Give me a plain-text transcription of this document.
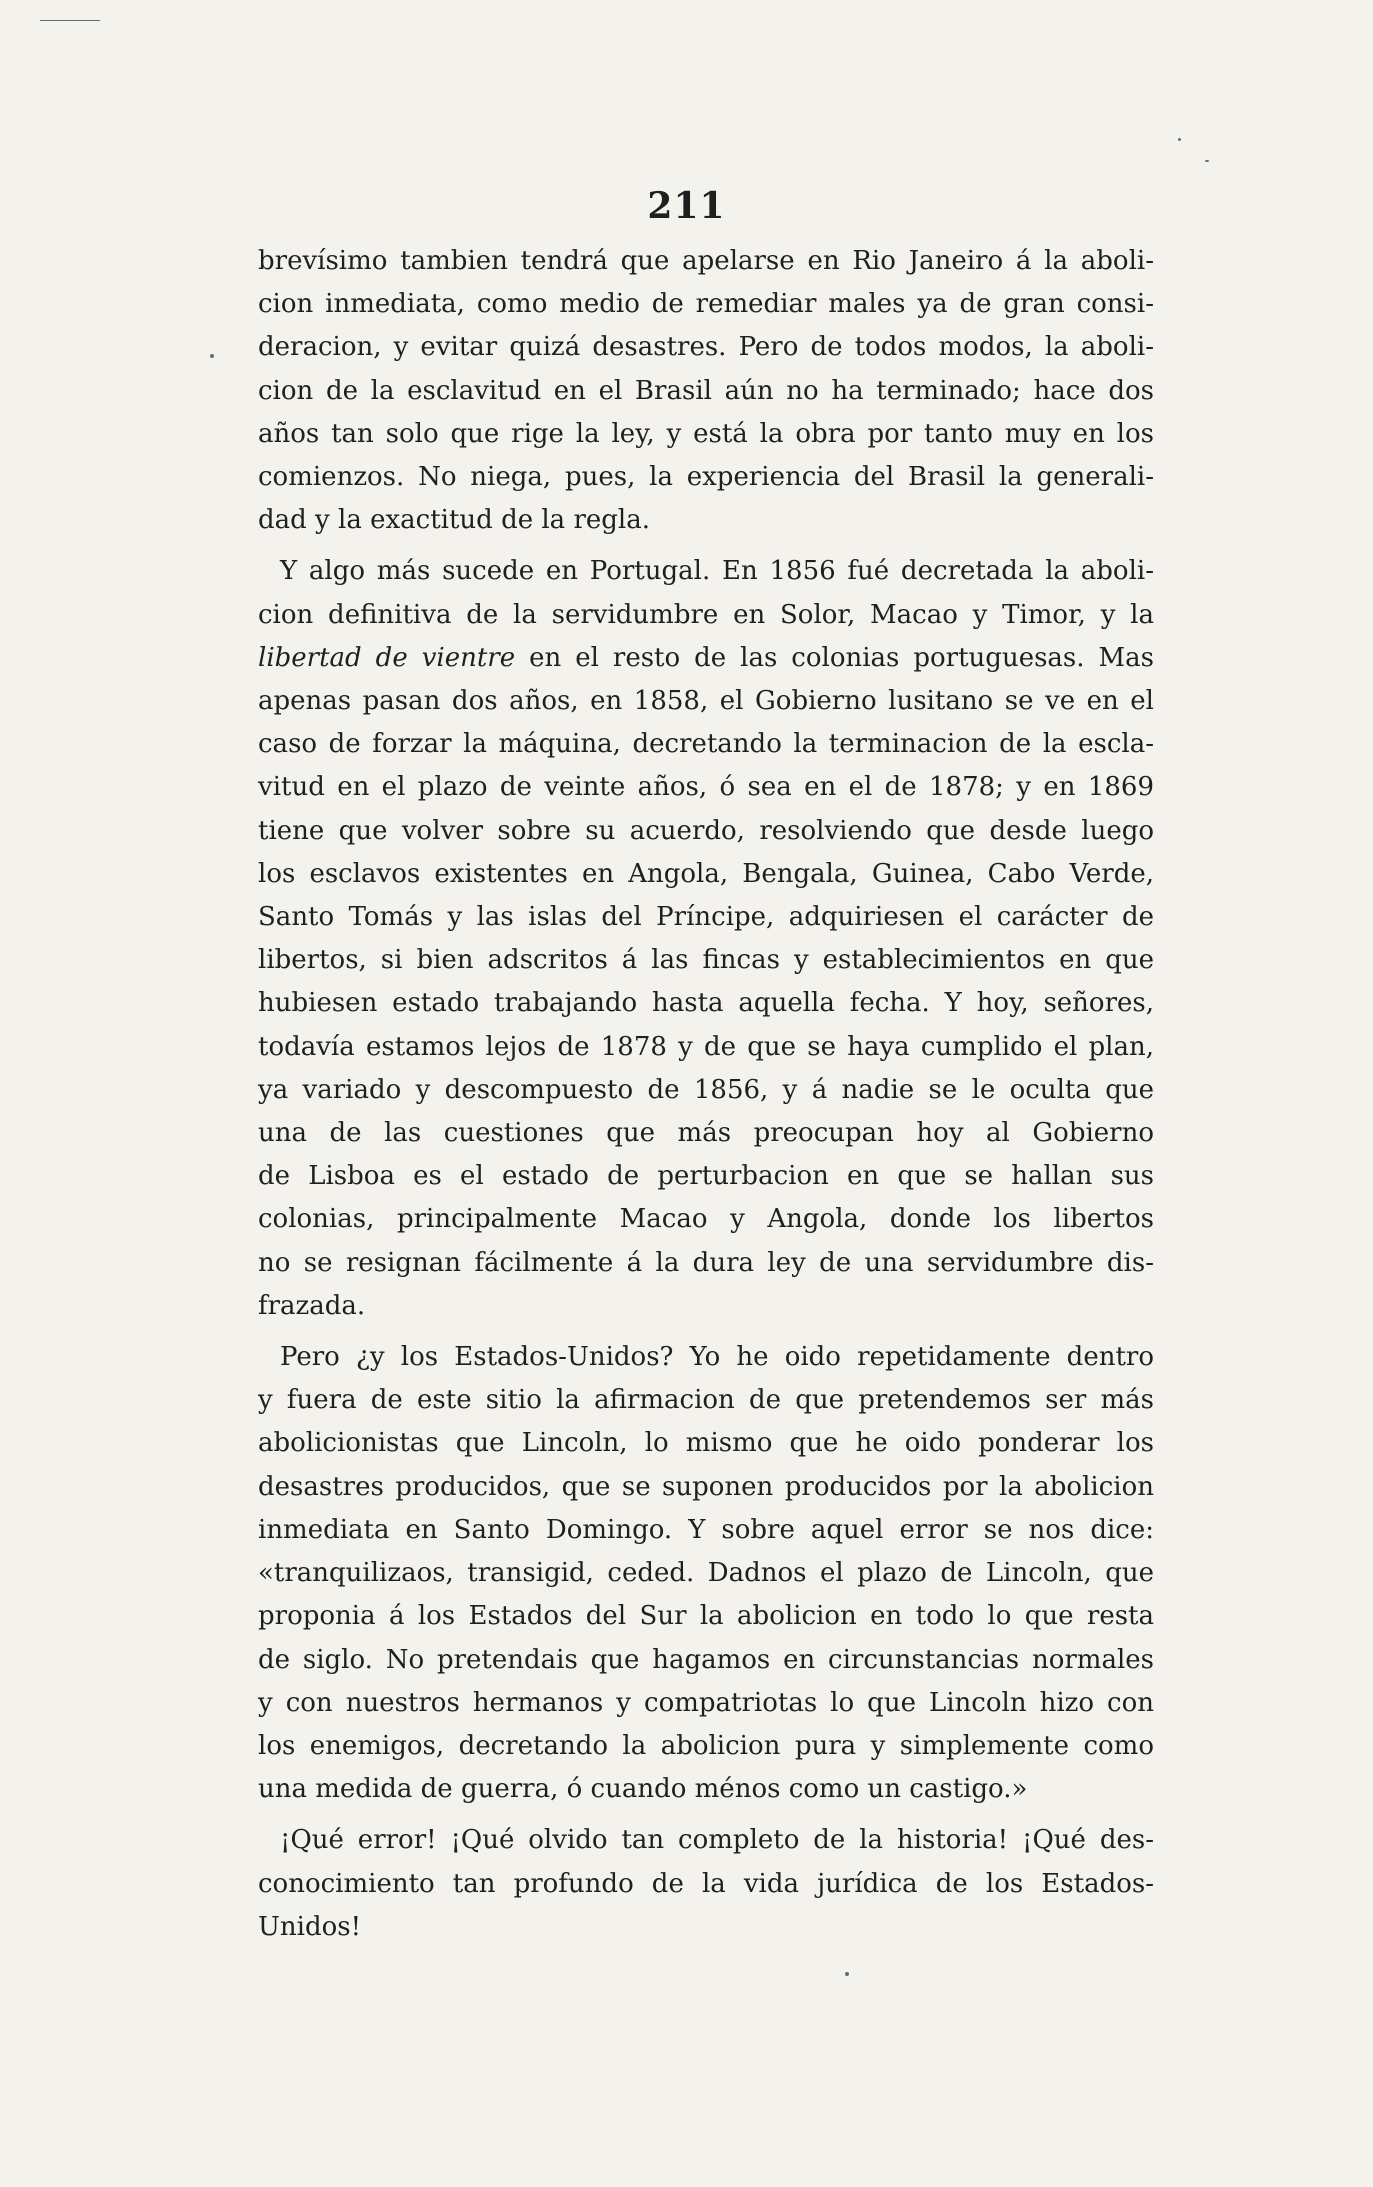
211
brevísimo tambien tendrá que apelarse en Rio Janeiro á la aboli-
cion inmediata, como medio de remediar males ya de gran consi-
deracion, y evitar quizá desastres. Pero de todos modos, la aboli-
cion de la esclavitud en el Brasil aún no ha terminado; hace dos
años tan solo que rige la ley, y está la obra por tanto muy en los
comienzos. No niega, pues, la experiencia del Brasil la generali-
dad y la exactitud de la regla.
Y algo más sucede en Portugal. En 1856 fué decretada la aboli-
cion definitiva de la servidumbre en Solor, Macao y Timor, y la
libertad de vientre en el resto de las colonias portuguesas. Mas
apenas pasan dos años, en 1858, el Gobierno lusitano se ve en el
caso de forzar la máquina, decretando la terminacion de la escla-
vitud en el plazo de veinte años, ó sea en el de 1878; y en 1869
tiene que volver sobre su acuerdo, resolviendo que desde luego
los esclavos existentes en Angola, Bengala, Guinea, Cabo Verde,
Santo Tomás y las islas del Príncipe, adquiriesen el carácter de
libertos, si bien adscritos á las fincas y establecimientos en que
hubiesen estado trabajando hasta aquella fecha. Y hoy, señores,
todavía estamos lejos de 1878 y de que se haya cumplido el plan,
ya variado y descompuesto de 1856, y á nadie se le oculta que
una de las cuestiones que más preocupan hoy al Gobierno
de Lisboa es el estado de perturbacion en que se hallan sus
colonias, principalmente Macao y Angola, donde los libertos
no se resignan fácilmente á la dura ley de una servidumbre dis-
frazada.
Pero ¿y los Estados-Unidos? Yo he oido repetidamente dentro
y fuera de este sitio la afirmacion de que pretendemos ser más
abolicionistas que Lincoln, lo mismo que he oido ponderar los
desastres producidos, que se suponen producidos por la abolicion
inmediata en Santo Domingo. Y sobre aquel error se nos dice:
«tranquilizaos, transigid, ceded. Dadnos el plazo de Lincoln, que
proponia á los Estados del Sur la abolicion en todo lo que resta
de siglo. No pretendais que hagamos en circunstancias normales
y con nuestros hermanos y compatriotas lo que Lincoln hizo con
los enemigos, decretando la abolicion pura y simplemente como
una medida de guerra, ó cuando ménos como un castigo.»
¡Qué error! ¡Qué olvido tan completo de la historia! ¡Qué des-
conocimiento tan profundo de la vida jurídica de los Estados-
Unidos!
